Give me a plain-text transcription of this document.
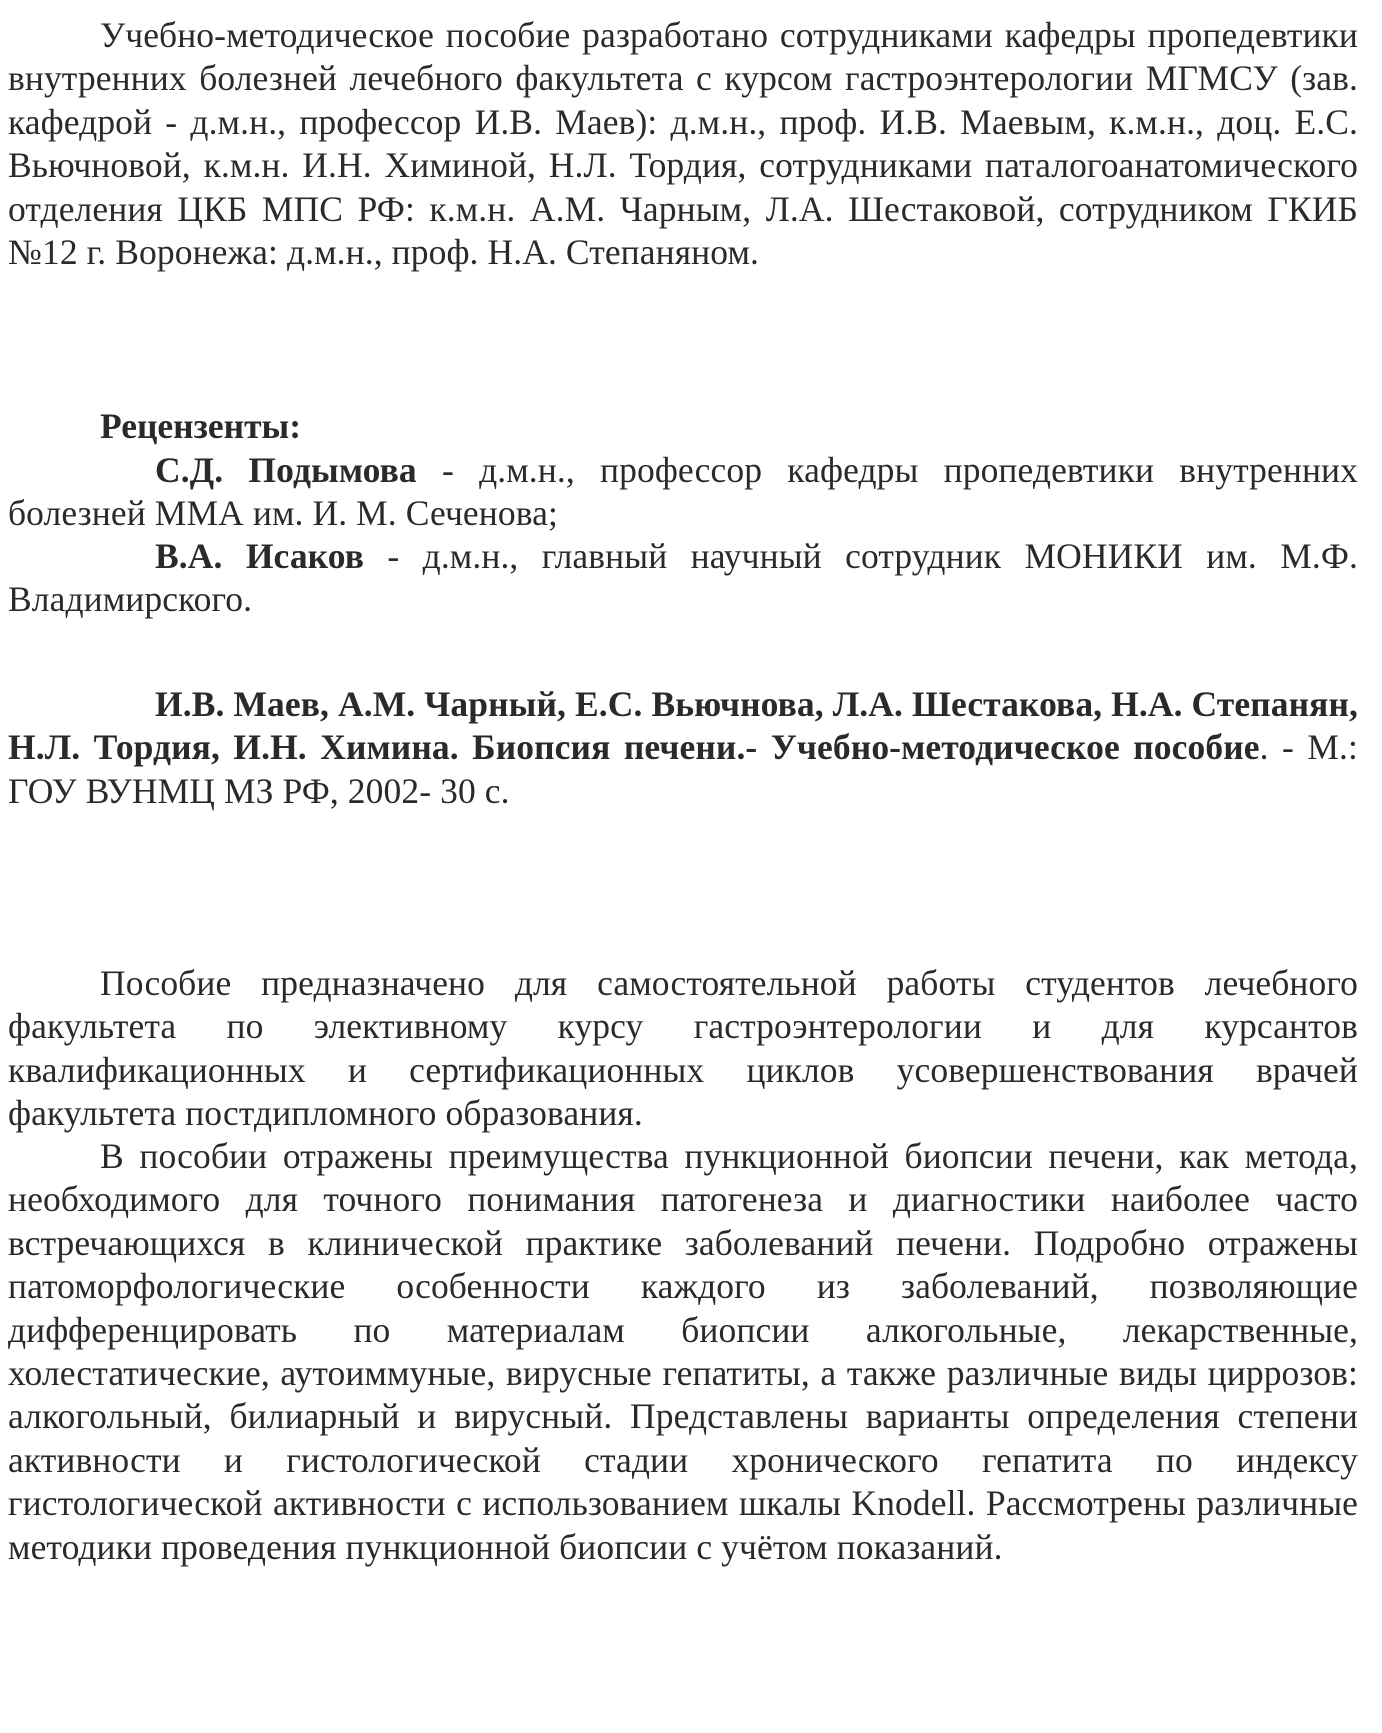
Учебно-методическое пособие разработано сотрудниками кафедры пропедевтики внутренних болезней лечебного факультета с курсом гастроэнтерологии МГМСУ (зав. кафедрой - д.м.н., профессор И.В. Маев): д.м.н., проф. И.В. Маевым, к.м.н., доц. Е.С. Вьючновой, к.м.н. И.Н. Химиной, Н.Л. Тордия, сотрудниками паталогоанатомического отделения ЦКБ МПС РФ: к.м.н. А.М. Чарным, Л.А. Шестаковой, сотрудником ГКИБ №12 г. Воронежа: д.м.н., проф. Н.А. Степаняном.

Рецензенты:

С.Д. Подымова - д.м.н., профессор кафедры пропедевтики внутренних болезней ММА им. И. М. Сеченова;

В.А. Исаков - д.м.н., главный научный сотрудник МОНИКИ им. М.Ф. Владимирского.

И.В. Маев, А.М. Чарный, Е.С. Вьючнова, Л.А. Шестакова, Н.А. Степанян, Н.Л. Тордия, И.Н. Химина. Биопсия печени.- Учебно-методическое пособие. - М.: ГОУ ВУНМЦ МЗ РФ, 2002- 30 с.

Пособие предназначено для самостоятельной работы студентов лечебного факультета по элективному курсу гастроэнтерологии и для курсантов квалификационных и сертификационных циклов усовершенствования врачей факультета постдипломного образования.

В пособии отражены преимущества пункционной биопсии печени, как метода, необходимого для точного понимания патогенеза и диагностики наиболее часто встречающихся в клинической практике заболеваний печени. Подробно отражены патоморфологические особенности каждого из заболеваний, позволяющие дифференцировать по материалам биопсии алкогольные, лекарственные, холестатические, аутоиммуные, вирусные гепатиты, а также различные виды циррозов: алкогольный, билиарный и вирусный. Представлены варианты определения степени активности и гистологической стадии хронического гепатита по индексу гистологической активности с использованием шкалы Knodell. Рассмотрены различные методики проведения пункционной биопсии с учётом показаний.
